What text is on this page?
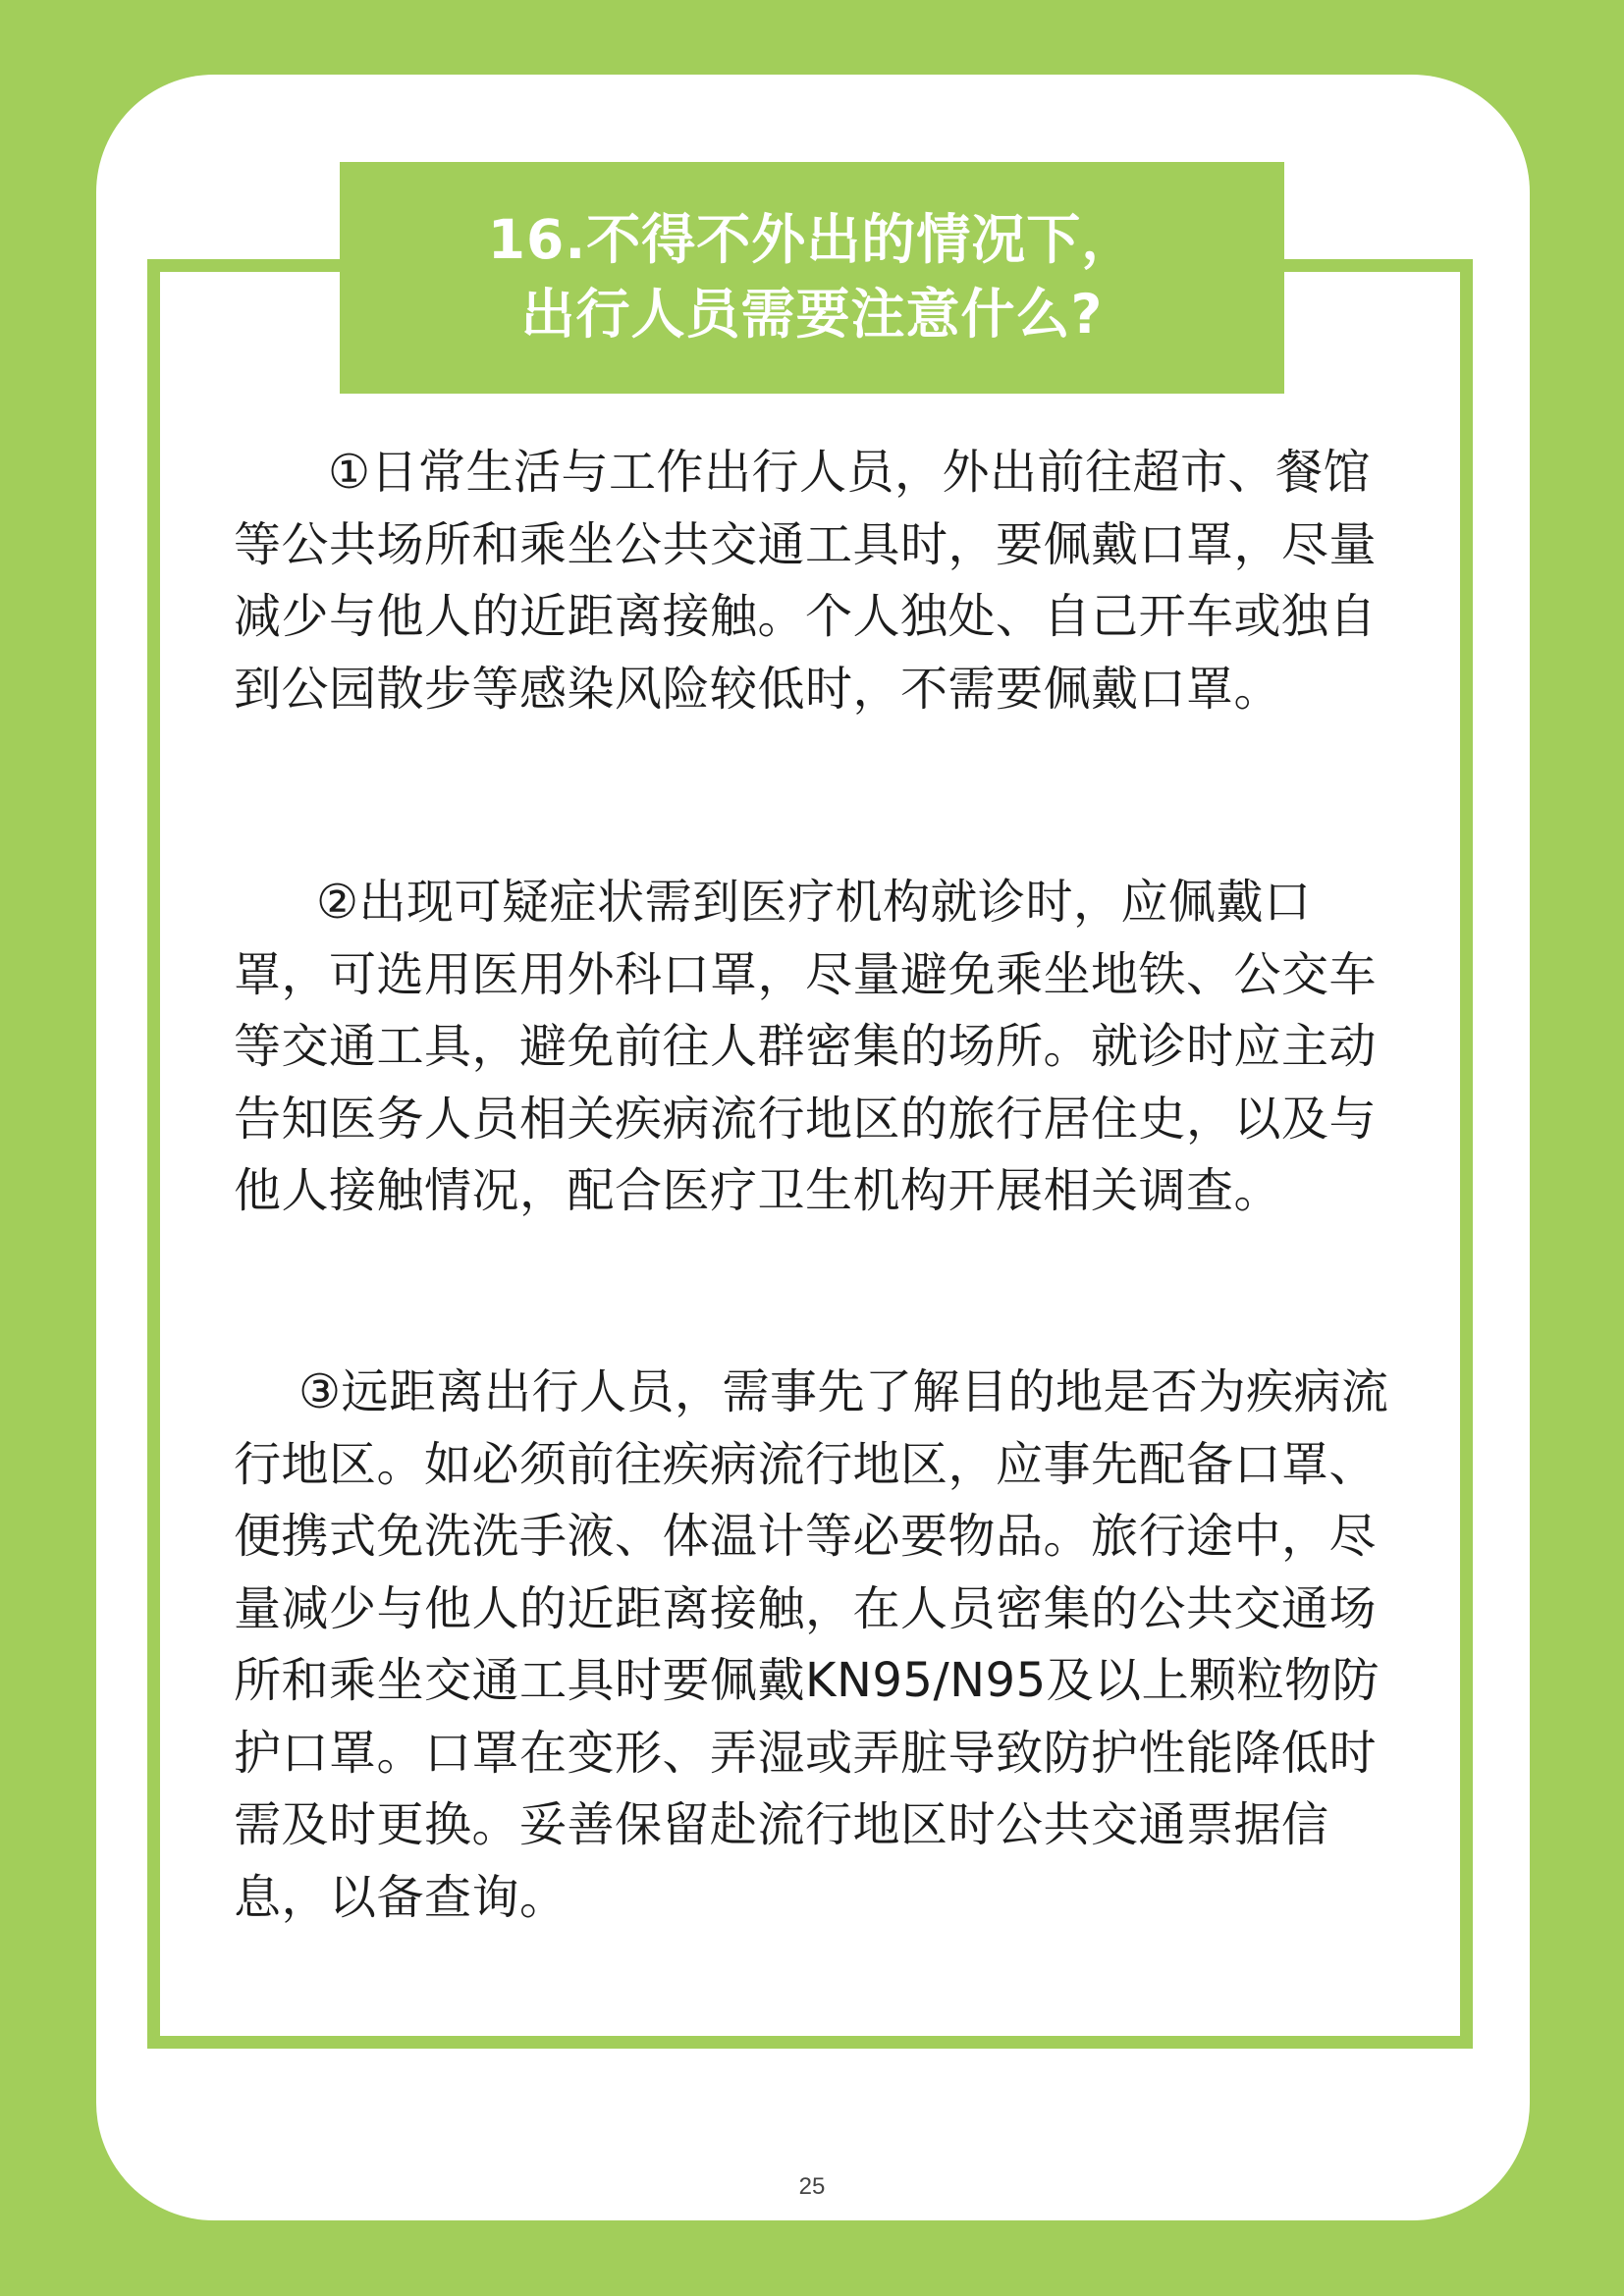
16.不得不外出的情况下，
出行人员需要注意什么?

①日常生活与工作出行人员，外出前往超市、餐馆等公共场所和乘坐公共交通工具时，要佩戴口罩，尽量减少与他人的近距离接触。个人独处、自己开车或独自到公园散步等感染风险较低时，不需要佩戴口罩。

②出现可疑症状需到医疗机构就诊时，应佩戴口罩，可选用医用外科口罩，尽量避免乘坐地铁、公交车等交通工具，避免前往人群密集的场所。就诊时应主动告知医务人员相关疾病流行地区的旅行居住史，以及与他人接触情况，配合医疗卫生机构开展相关调查。

③远距离出行人员，需事先了解目的地是否为疾病流行地区。如必须前往疾病流行地区，应事先配备口罩、便携式免洗洗手液、体温计等必要物品。旅行途中，尽量减少与他人的近距离接触，在人员密集的公共交通场所和乘坐交通工具时要佩戴KN95/N95及以上颗粒物防护口罩。口罩在变形、弄湿或弄脏导致防护性能降低时需及时更换。妥善保留赴流行地区时公共交通票据信息，以备查询。

25
